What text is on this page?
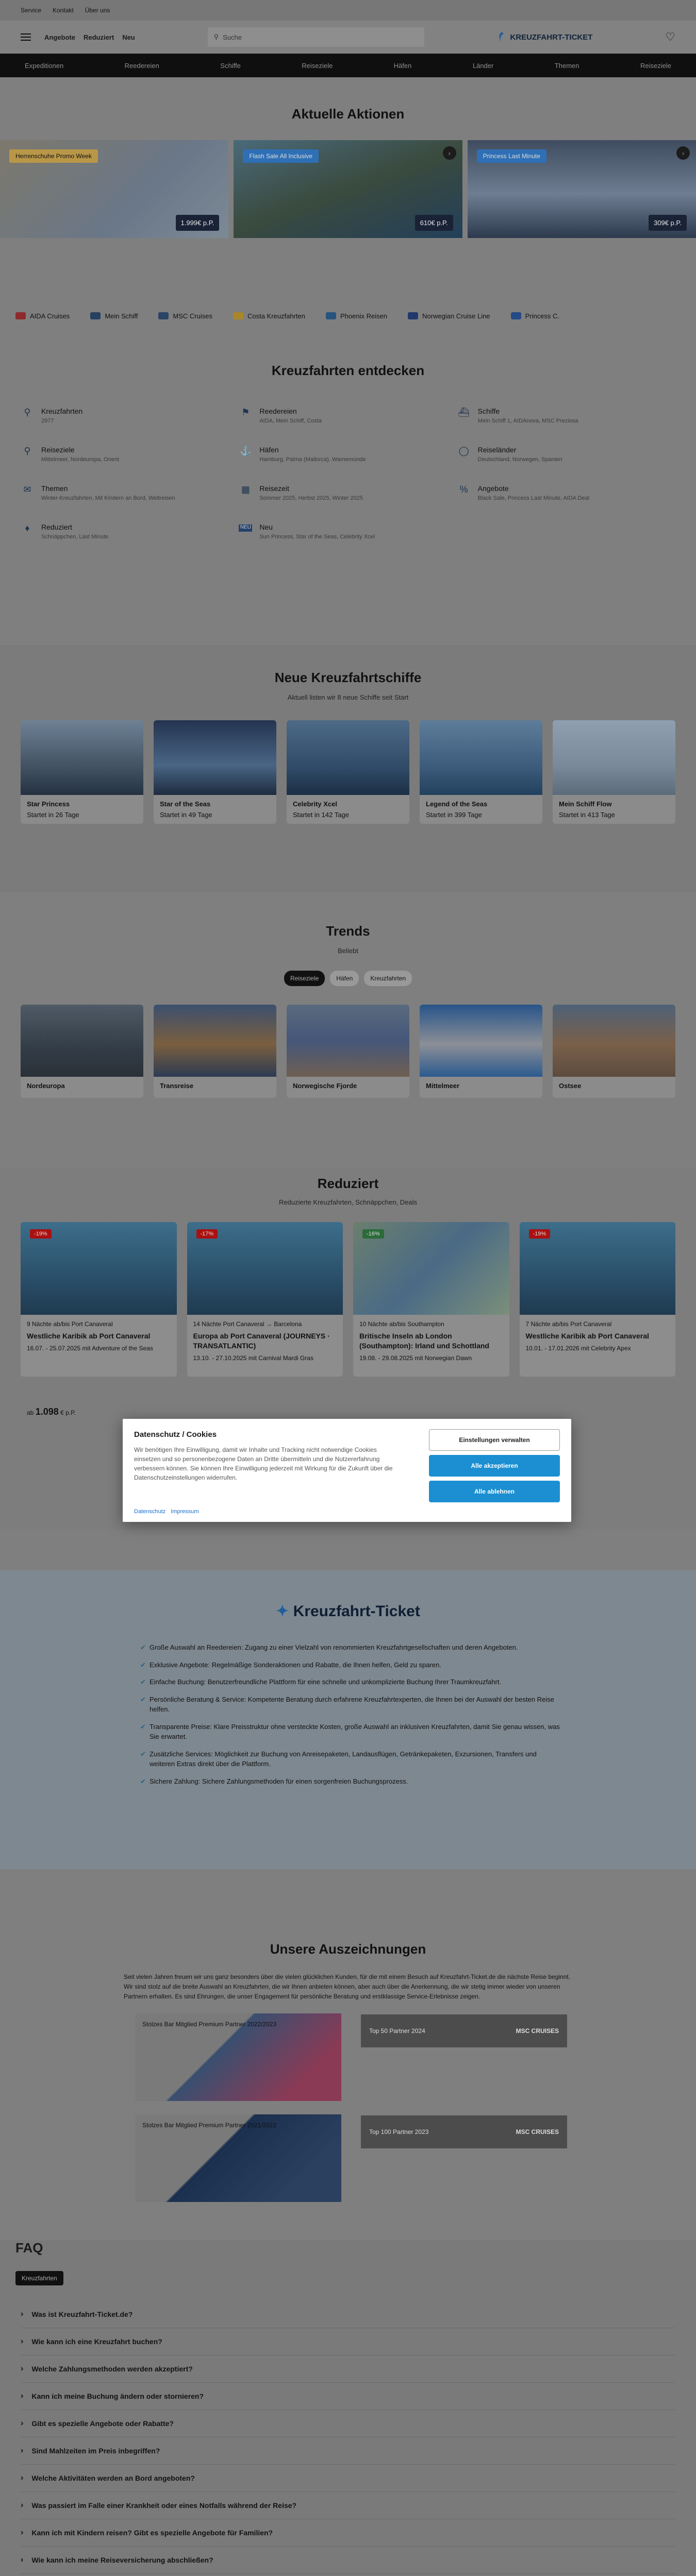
Service Kontakt Über uns
Angebote Reduziert Neu	⚲ Suche	KREUZFAHRT-TICKET	♡
Expeditionen	Reedereien	Schiffe	Reiseziele	Häfen	Länder	Themen	Reiseziele
Aktuelle Aktionen
Herrenschuhe Promo Week
1.999€ p.P.
Flash Sale All Inclusive	›
610€ p.P.
Princess Last Minute	›
309€ p.P.
AIDA Cruises	Mein Schiff	MSC Cruises	Costa Kreuzfahrten	Phoenix Reisen	Norwegian Cruise Line	Princess C.
Kreuzfahrten entdecken
⚲	Kreuzfahrten

2977

⚑	Reedereien

AIDA, Mein Schiff, Costa

⛴ Schiffe

Mein Schiff 1, AIDAnova, MSC Preziosa

⚲	Reiseziele

Mittelmeer, Nordeuropa, Orient

⚓ Häfen

Hamburg, Palma (Mallorca), Warnemünde

◯ Reiseländer

Deutschland, Norwegen, Spanien

✉	Themen

Winter-Kreuzfahrten, Mit Kindern an Bord, Weltreisen

▦	Reisezeit

Sommer 2025, Herbst 2025, Winter 2025

%	Angebote

Black Sale, Princess Last Minute, AIDA Deal

♦	Reduziert

Schnäppchen, Last Minute

NEU Neu

Sun Princess, Star of the Seas, Celebrity Xcel

Neue Kreuzfahrtschiffe
Aktuell listen wir 8 neue Schiffe seit Start
Star Princess
Startet in 26 Tage
Star of the Seas
Startet in 49 Tage
Celebrity Xcel
Startet in 142 Tage
Legend of the Seas
Startet in 399 Tage
Mein Schiff Flow
Startet in 413 Tage
Trends
Beliebt
Reiseziele	Häfen	Kreuzfahrten
Nordeuropa	Transreise	Norwegische Fjorde	Mittelmeer	Ostsee
Reduziert
Reduzierte Kreuzfahrten, Schnäppchen, Deals
-19%
9 Nächte ab/bis Port Canaveral
Westliche Karibik ab Port Canaveral
16.07. - 25.07.2025 mit Adventure of the Seas
-17%
14 Nächte Port Canaveral → Barcelona
Europa ab Port Canaveral (JOURNEYS · TRANSATLANTIC)
13.10. - 27.10.2025 mit Carnival Mardi Gras
-16%
10 Nächte ab/bis Southampton
Britische Inseln ab London (Southampton): Irland und Schottland
19.08. - 29.08.2025 mit Norwegian Dawn
-19%
7 Nächte ab/bis Port Canaveral
Westliche Karibik ab Port Canaveral
10.01. - 17.01.2026 mit Celebrity Apex
ab 1.098 € p.P.
Datenschutz / Cookies

Wir benötigen Ihre Einwilligung, damit wir Inhalte und Tracking nicht notwendige Cookies einsetzen und so personenbezogene Daten an Dritte übermitteln und die Nutzererfahrung verbessern können. Sie können Ihre Einwilligung jederzeit mit Wirkung für die Zukunft über die Datenschutzeinstellungen widerrufen.

Einstellungen verwalten
Alle akzeptieren
Alle ablehnen
Datenschutz Impressum
✦ Kreuzfahrt-Ticket
✔ Große Auswahl an Reedereien: Zugang zu einer Vielzahl von renommierten Kreuzfahrtgesellschaften und deren Angeboten.
✔ Exklusive Angebote: Regelmäßige Sonderaktionen und Rabatte, die Ihnen helfen, Geld zu sparen.
✔ Einfache Buchung: Benutzerfreundliche Plattform für eine schnelle und unkomplizierte Buchung Ihrer Traumkreuzfahrt.
✔ Persönliche Beratung & Service: Kompetente Beratung durch erfahrene Kreuzfahrtexperten, die Ihnen bei der Auswahl der besten Reise helfen.
✔ Transparente Preise: Klare Preisstruktur ohne versteckte Kosten, große Auswahl an inklusiven Kreuzfahrten, damit Sie genau wissen, was Sie erwartet.
✔ Zusätzliche Services: Möglichkeit zur Buchung von Anreisepaketen, Landausflügen, Getränkepaketen, Exzursionen, Transfers und weiteren Extras direkt über die Plattform.
✔ Sichere Zahlung: Sichere Zahlungsmethoden für einen sorgenfreien Buchungsprozess.
Unsere Auszeichnungen

Seit vielen Jahren freuen wir uns ganz besonders über die vielen glücklichen Kunden, für die mit einem Besuch auf Kreuzfahrt-Ticket.de die nächste Reise beginnt. Wir sind stolz auf die breite Auswahl an Kreuzfahrten, die wir Ihnen anbieten können, aber auch über die Anerkennung, die wir stetig immer wieder von unseren Partnern erhalten. Es sind Ehrungen, die unser Engagement für persönliche Beratung und erstklassige Service-Erlebnisse zeigen.

Stolzes Bar Mitglied Premium Partner 2022/2023
Top 50 Partner 2024	MSC CRUISES
Stolzes Bar Mitglied Premium Partner 2021/2022
Top 100 Partner 2023	MSC CRUISES
FAQ
Kreuzfahrten
› Was ist Kreuzfahrt-Ticket.de?
› Wie kann ich eine Kreuzfahrt buchen?
› Welche Zahlungsmethoden werden akzeptiert?
› Kann ich meine Buchung ändern oder stornieren?
› Gibt es spezielle Angebote oder Rabatte?
› Sind Mahlzeiten im Preis inbegriffen?
› Welche Aktivitäten werden an Bord angeboten?
› Was passiert im Falle einer Krankheit oder eines Notfalls während der Reise?
› Kann ich mit Kindern reisen? Gibt es spezielle Angebote für Familien?
› Wie kann ich meine Reiseversicherung abschließen?
›
